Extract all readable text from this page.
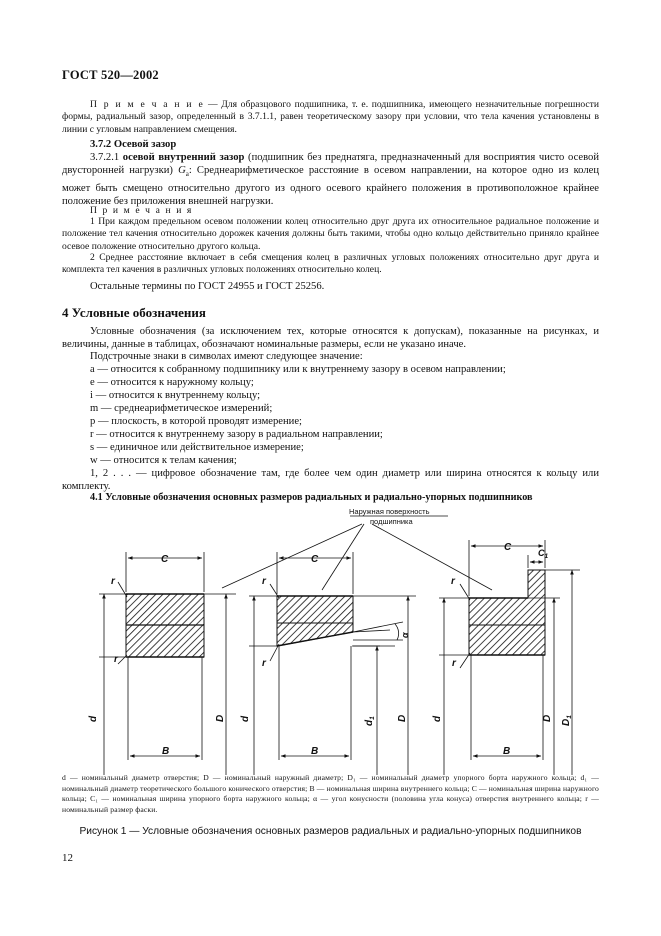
ГОСТ 520—2002

П р и м е ч а н и е — Для образцового подшипника, т. е. подшипника, имеющего незначительные погрешности формы, радиальный зазор, определенный в 3.7.1.1, равен теоретическому зазору при условии, что тела качения установлены в линии с угловым направлением смещения.

3.7.2 Осевой зазор

3.7.2.1 осевой внутренний зазор (подшипник без преднатяга, предназначенный для восприятия чисто осевой двусторонней нагрузки) $G_a$: Среднеарифметическое расстояние в осевом направлении, на которое одно из колец может быть смещено относительно другого из одного осевого крайнего положения в противоположное крайнее положение без приложения внешней нагрузки.

П р и м е ч а н и я

1 При каждом предельном осевом положении колец относительно друг друга их относительное радиальное положение и положение тел качения относительно дорожек качения должны быть такими, чтобы одно кольцо действительно приняло крайнее осевое положение относительно другого кольца.

2 Среднее расстояние включает в себя смещения колец в различных угловых положениях относительно друг друга и комплекта тел качения в различных угловых положениях относительно колец.

Остальные термины по ГОСТ 24955 и ГОСТ 25256.

4 Условные обозначения

Условные обозначения (за исключением тех, которые относятся к допускам), показанные на рисунках, и величины, данные в таблицах, обозначают номинальные размеры, если не указано иначе.

Подстрочные знаки в символах имеют следующее значение:

a — относится к собранному подшипнику или к внутреннему зазору в осевом направлении;

e — относится к наружному кольцу;

i — относится к внутреннему кольцу;

m — среднеарифметическое измерений;

p — плоскость, в которой проводят измерение;

r — относится к внутреннему зазору в радиальном направлении;

s — единичное или действительное измерение;

w — относится к телам качения;

1, 2 . . . — цифровое обозначение там, где более чем один диаметр или ширина относятся к кольцу или комплекту.

4.1 Условные обозначения основных размеров радиальных и радиально-упорных подшипников

Наружная поверхность
подшипника
C	C
C	$C_1$
B	B	B
r
r
r
r
r
r
d	D d
$d_1$ D d	D
$D_1$
α
d — номинальный диаметр отверстия; D — номинальный наружный диаметр; D₁ — номинальный диаметр упорного борта наружного кольца; d₁ — номинальный диаметр теоретического большого конического отверстия; B — номинальная ширина внутреннего кольца; C — номинальная ширина наружного кольца; C₁ — номинальная ширина упорного борта наружного кольца; α — угол конусности (половина угла конуса) отверстия внутреннего кольца; r — номинальный размер фаски.
Рисунок 1 — Условные обозначения основных размеров радиальных и радиально-упорных подшипников
12
